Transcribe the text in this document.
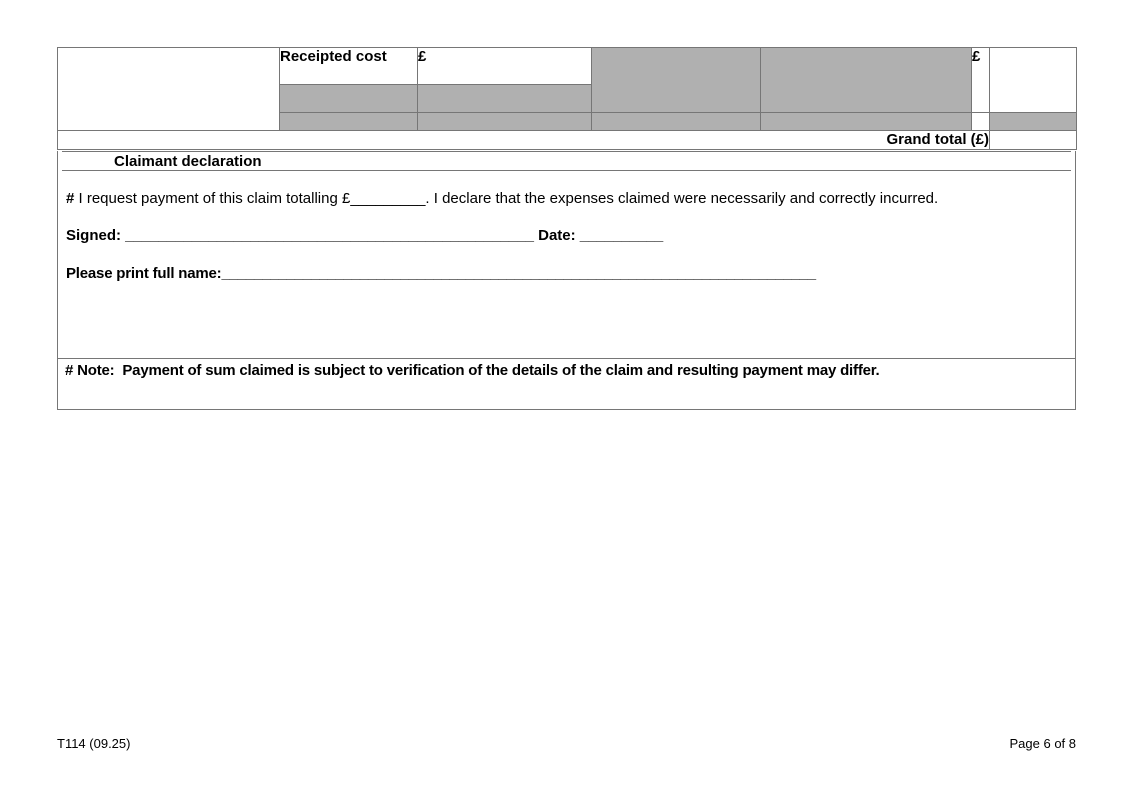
	Receipted cost	£			£	

Grand total (£)						
Claimant declaration

# I request payment of this claim totalling £_________. I declare that the expenses claimed were necessarily and correctly incurred.

Signed: _________________________________________________ Date: __________

Please print full name:_________________________________________________________________________

# Note:  Payment of sum claimed is subject to verification of the details of the claim and resulting payment may differ.
T114 (09.25)	Page 6 of 8
